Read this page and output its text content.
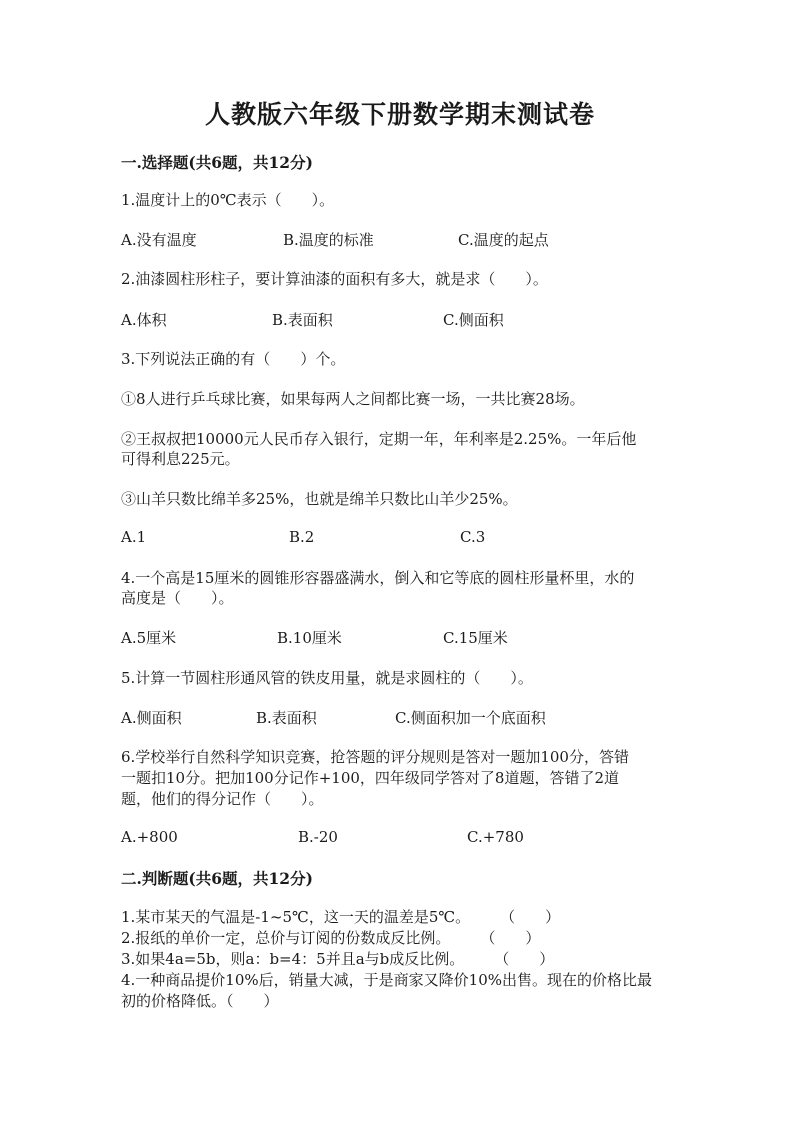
人教版六年级下册数学期末测试卷
一.选择题(共6题，共12分)
1.温度计上的0℃表示（　　）。
A.没有温度	B.温度的标准	C.温度的起点
2.油漆圆柱形柱子，要计算油漆的面积有多大，就是求（　　）。
A.体积	B.表面积	C.侧面积
3.下列说法正确的有（　　）个。
①8人进行乒乓球比赛，如果每两人之间都比赛一场，一共比赛28场。
②王叔叔把10000元人民币存入银行，定期一年，年利率是2.25%。一年后他
可得利息225元。
③山羊只数比绵羊多25%，也就是绵羊只数比山羊少25%。
A.1	B.2	C.3
4.一个高是15厘米的圆锥形容器盛满水，倒入和它等底的圆柱形量杯里，水的
高度是（　　）。
A.5厘米	B.10厘米	C.15厘米
5.计算一节圆柱形通风管的铁皮用量，就是求圆柱的（　　）。
A.侧面积	B.表面积	C.侧面积加一个底面积
6.学校举行自然科学知识竞赛，抢答题的评分规则是答对一题加100分，答错
一题扣10分。把加100分记作+100，四年级同学答对了8道题，答错了2道
题，他们的得分记作（　　）。
A.+800	B.-20	C.+780
二.判断题(共6题，共12分)
1.某市某天的气温是-1~5℃，这一天的温差是5℃。　　　（　　）
2.报纸的单价一定，总价与订阅的份数成反比例。　　　（　　）
3.如果4a=5b，则a：b=4：5并且a与b成反比例。　　　（　　）
4.一种商品提价10%后，销量大减，于是商家又降价10%出售。现在的价格比最
初的价格降低。（　　）
